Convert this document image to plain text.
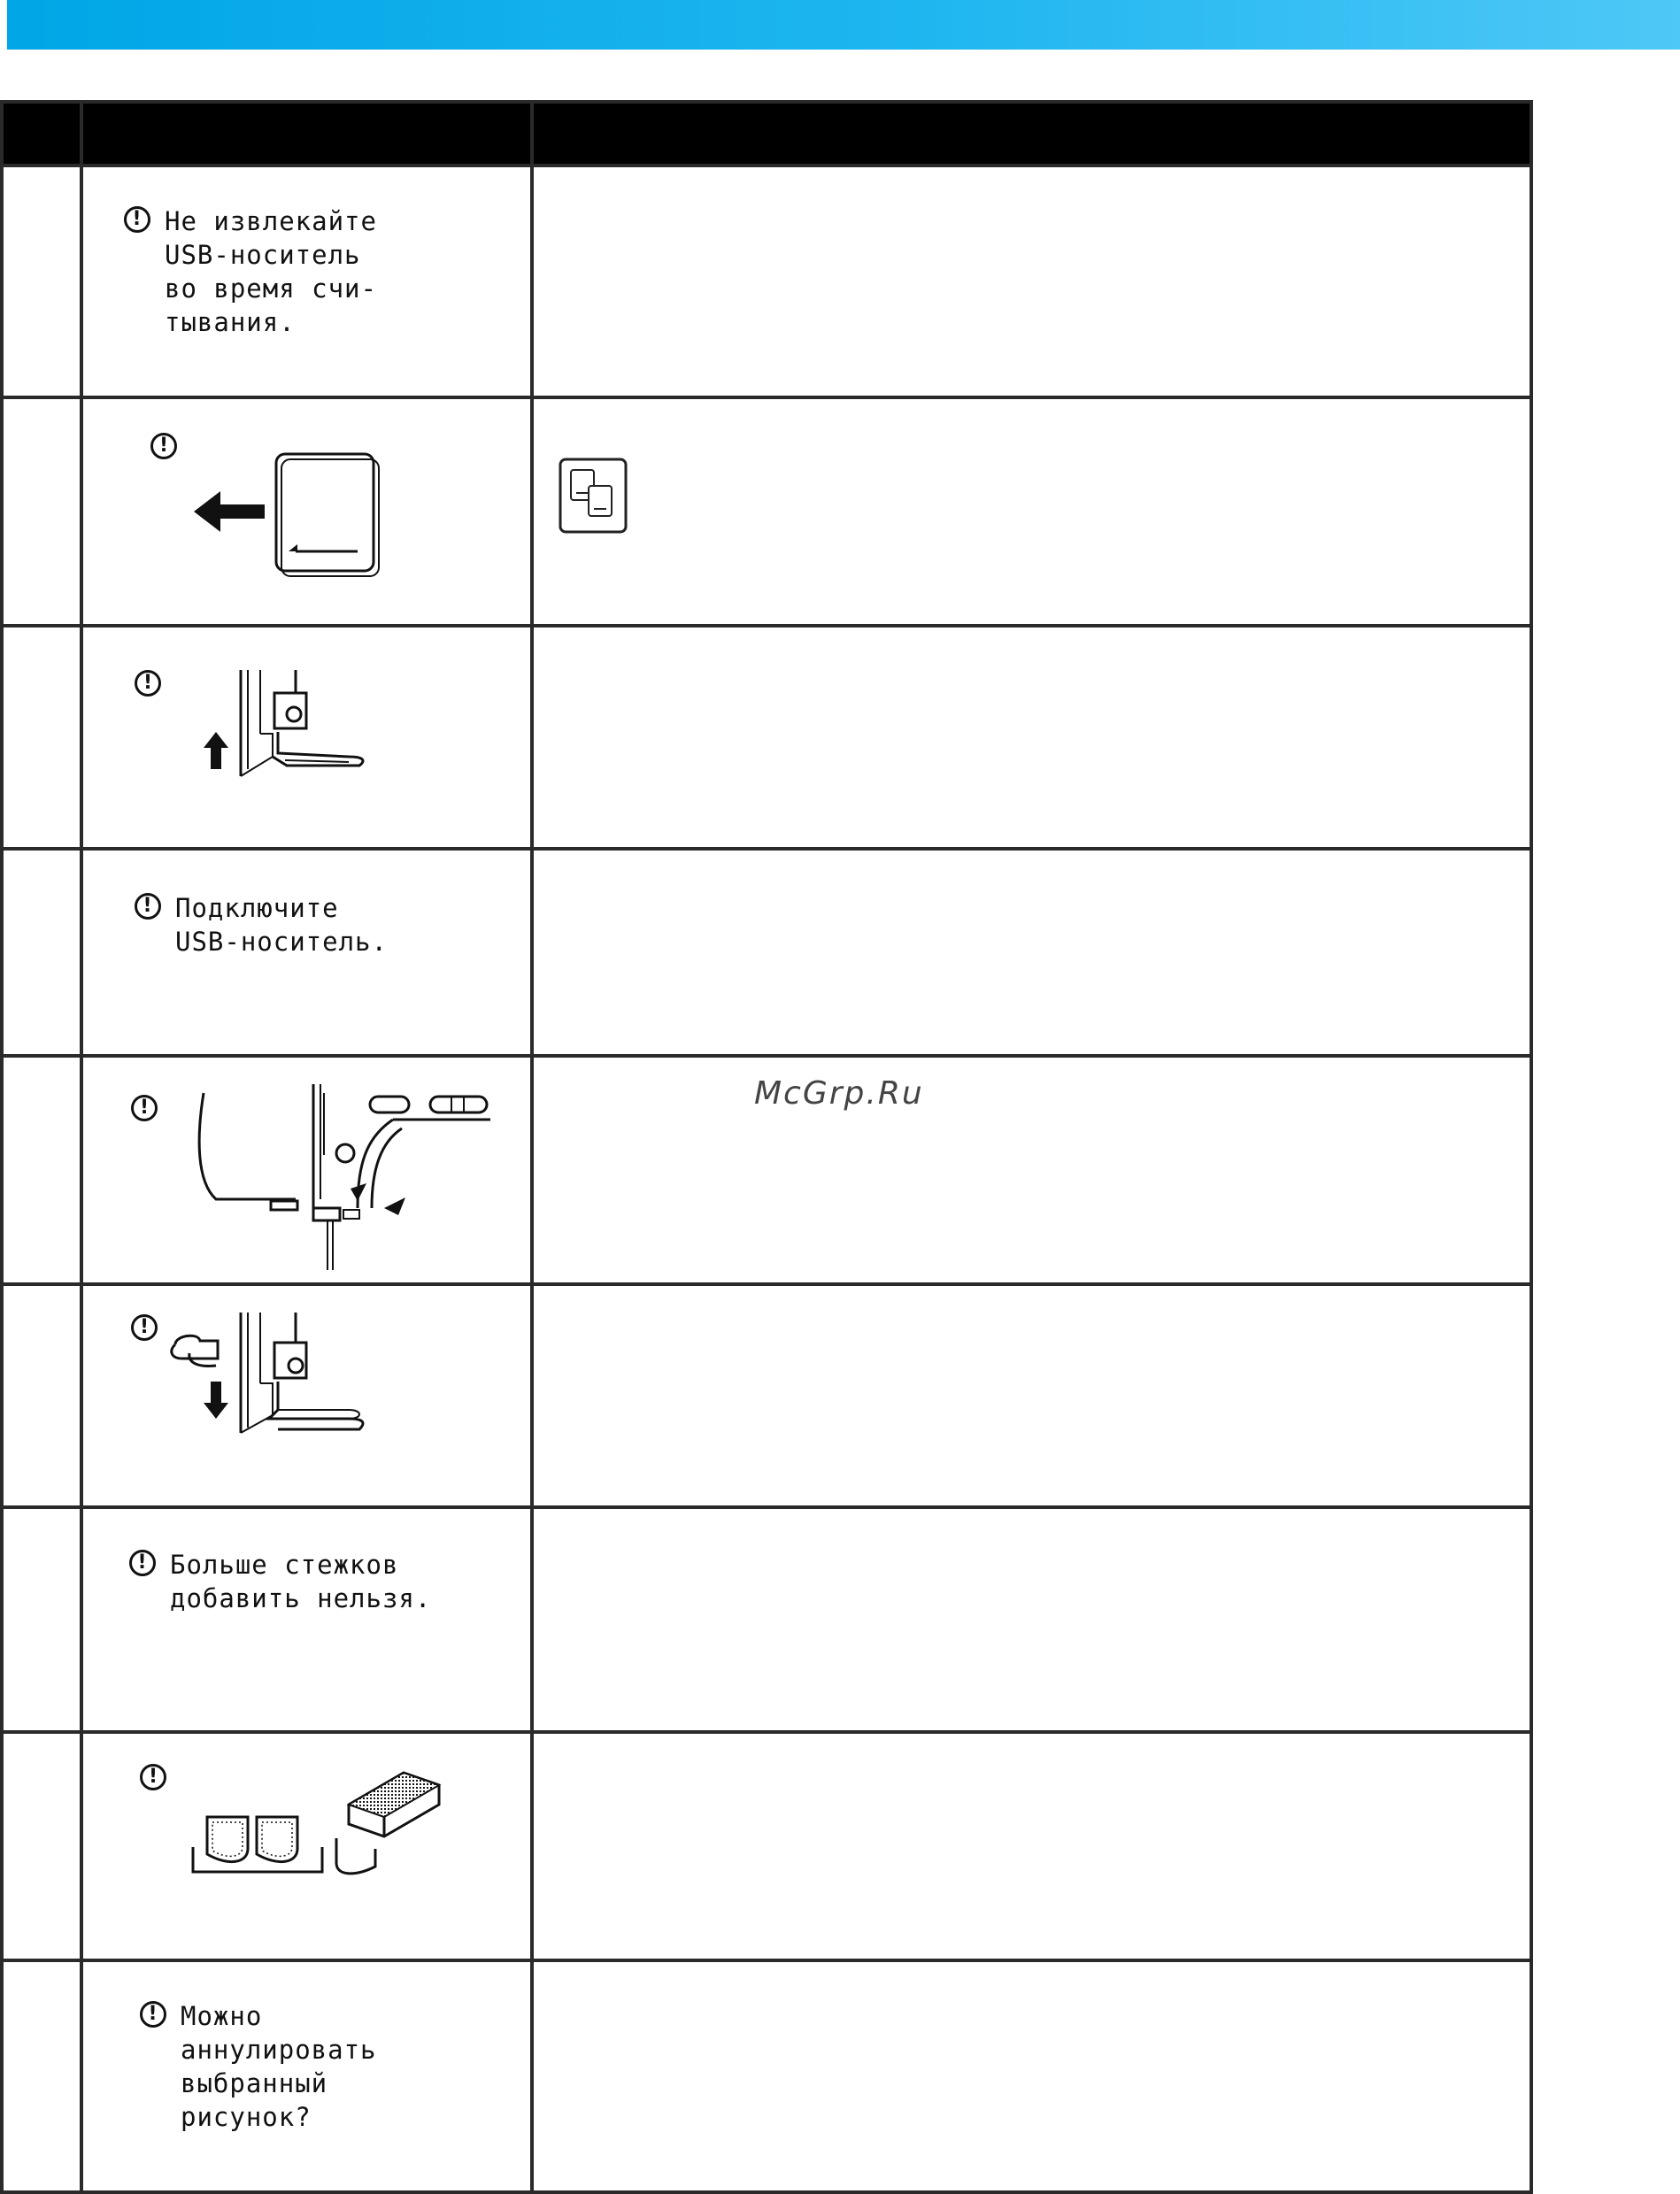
	! Не извлекайте
USB-носитель
во время счи-
тывания.	

	!

	!	

	! Подключите
USB-носитель.	

	!	

	!	

	! Больше стежков
добавить нельзя.	

	!	

	! Можно
аннулировать
выбранный
рисунок?	

McGrp.Ru
